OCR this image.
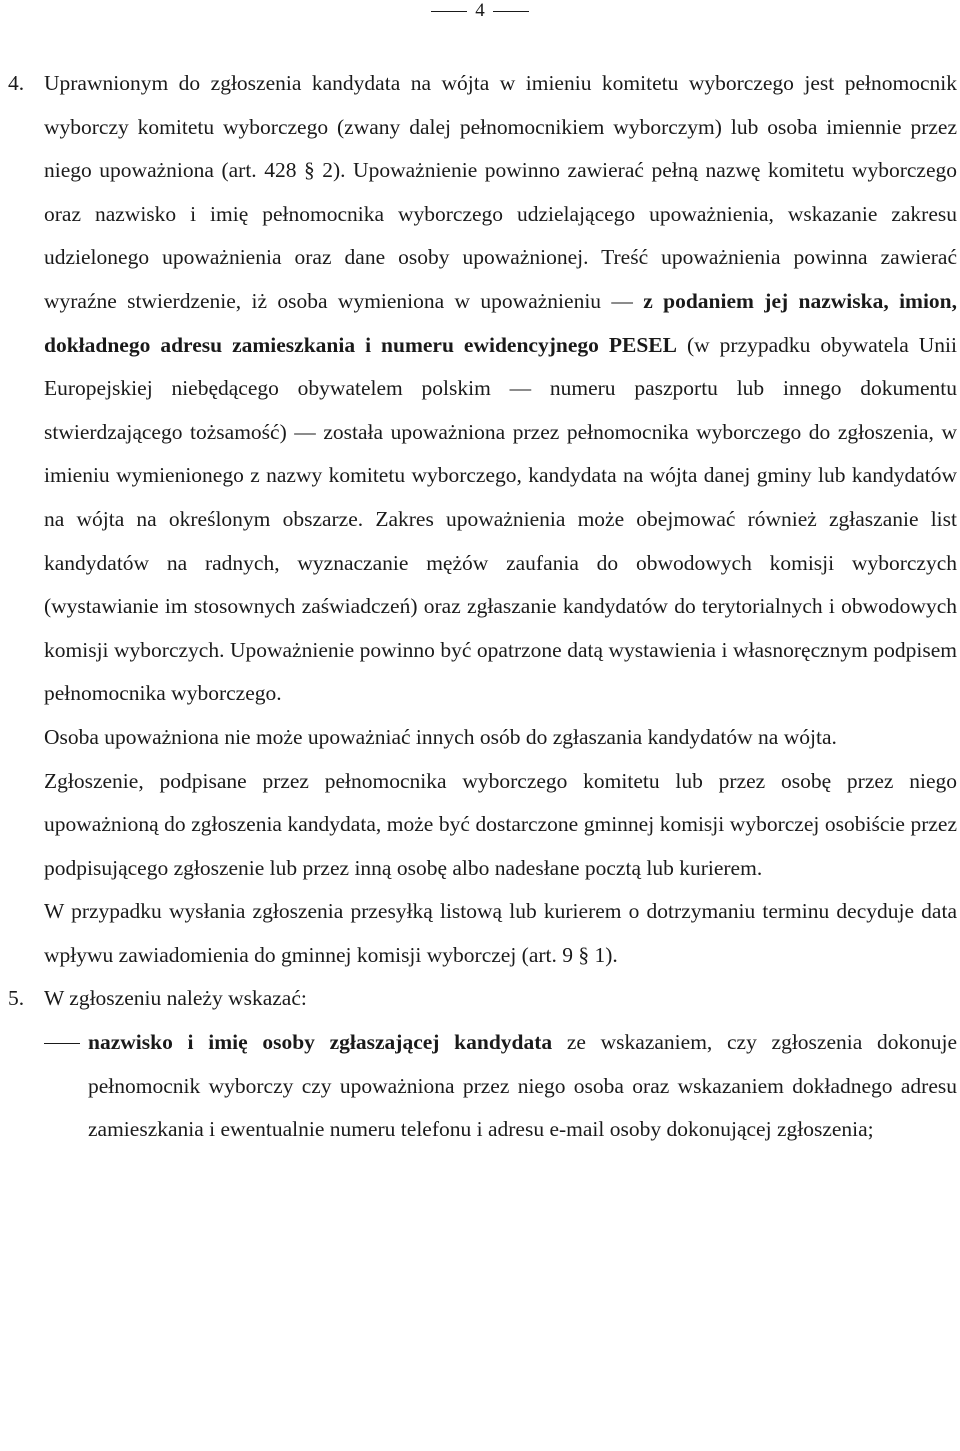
4
4. Uprawnionym do zgłoszenia kandydata na wójta w imieniu komitetu wyborczego jest pełnomocnik wyborczy komitetu wyborczego (zwany dalej pełnomocnikiem wyborczym) lub osoba imiennie przez niego upoważniona (art. 428 § 2). Upoważnienie powinno zawierać pełną nazwę komitetu wyborczego oraz nazwisko i imię pełnomocnika wyborczego udzielającego upoważnienia, wskazanie zakresu udzielonego upoważnienia oraz dane osoby upoważnionej. Treść upoważnienia powinna zawierać wyraźne stwierdzenie, iż osoba wymieniona w upoważnieniu — z podaniem jej nazwiska, imion, dokładnego adresu zamieszkania i numeru ewidencyjnego PESEL (w przypadku obywatela Unii Europejskiej niebędącego obywatelem polskim — numeru paszportu lub innego dokumentu stwierdzającego tożsamość) — została upoważniona przez pełnomocnika wyborczego do zgłoszenia, w imieniu wymienionego z nazwy komitetu wyborczego, kandydata na wójta danej gminy lub kandydatów na wójta na określonym obszarze. Zakres upoważnienia może obejmować również zgłaszanie list kandydatów na radnych, wyznaczanie mężów zaufania do obwodowych komisji wyborczych (wystawianie im stosownych zaświadczeń) oraz zgłaszanie kandydatów do terytorialnych i obwodowych komisji wyborczych. Upoważnienie powinno być opatrzone datą wystawienia i własnoręcznym podpisem pełnomocnika wyborczego.

Osoba upoważniona nie może upoważniać innych osób do zgłaszania kandydatów na wójta.

Zgłoszenie, podpisane przez pełnomocnika wyborczego komitetu lub przez osobę przez niego upoważnioną do zgłoszenia kandydata, może być dostarczone gminnej komisji wyborczej osobiście przez podpisującego zgłoszenie lub przez inną osobę albo nadesłane pocztą lub kurierem.

W przypadku wysłania zgłoszenia przesyłką listową lub kurierem o dotrzymaniu terminu decyduje data wpływu zawiadomienia do gminnej komisji wyborczej (art. 9 § 1).

5. W zgłoszeniu należy wskazać:

nazwisko i imię osoby zgłaszającej kandydata ze wskazaniem, czy zgłoszenia dokonuje pełnomocnik wyborczy czy upoważniona przez niego osoba oraz wskazaniem dokładnego adresu zamieszkania i ewentualnie numeru telefonu i adresu e-mail osoby dokonującej zgłoszenia;
